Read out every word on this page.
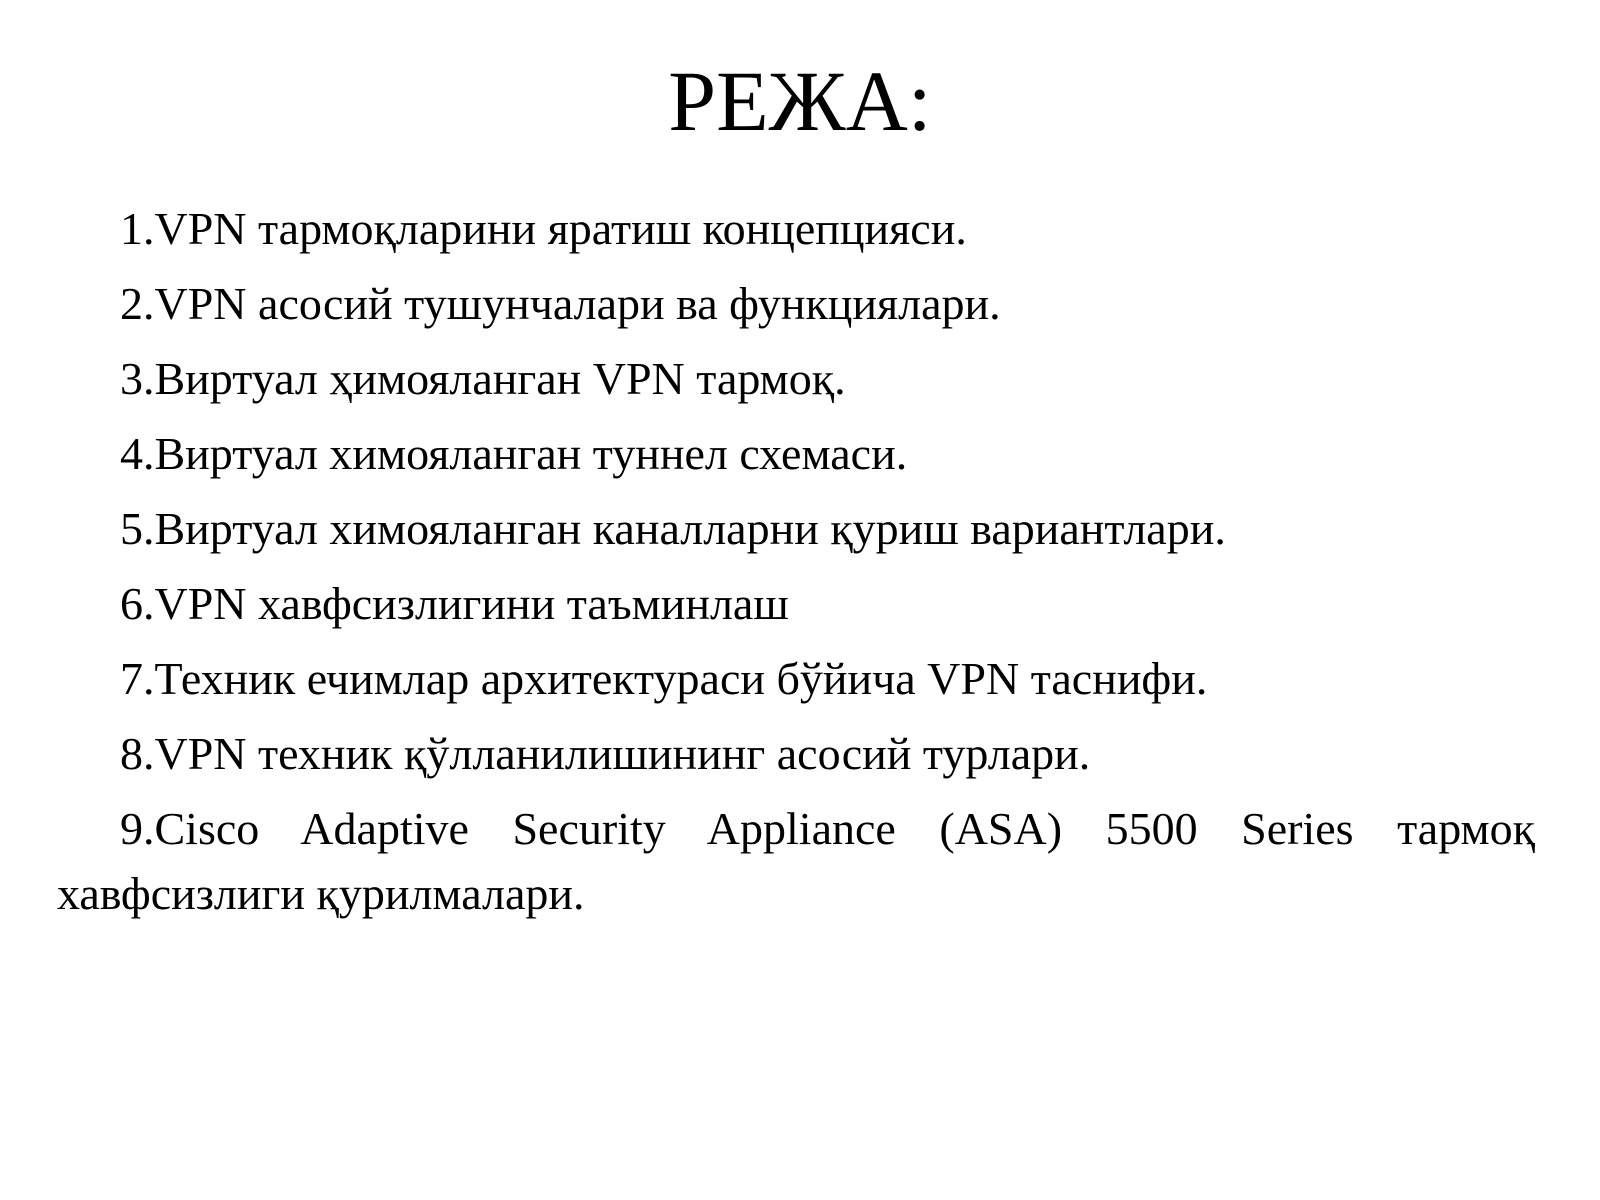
РЕЖА:
1.VPN тармоқларини яратиш концепцияси.
2.VPN асосий тушунчалари ва функциялари.
3.Виртуал ҳимояланган VPN тармоқ.
4.Виртуал химояланган туннел схемаси.
5.Виртуал химояланган каналларни қуриш вариантлари.
6.VPN хавфсизлигини таъминлаш
7.Техник ечимлар архитектураси бўйича VPN таснифи.
8.VPN техник қўлланилишининг асосий турлари.
9.Cisco Adaptive Security Appliance (ASA) 5500 Series тармоқ хавфсизлиги қурилмалари.
